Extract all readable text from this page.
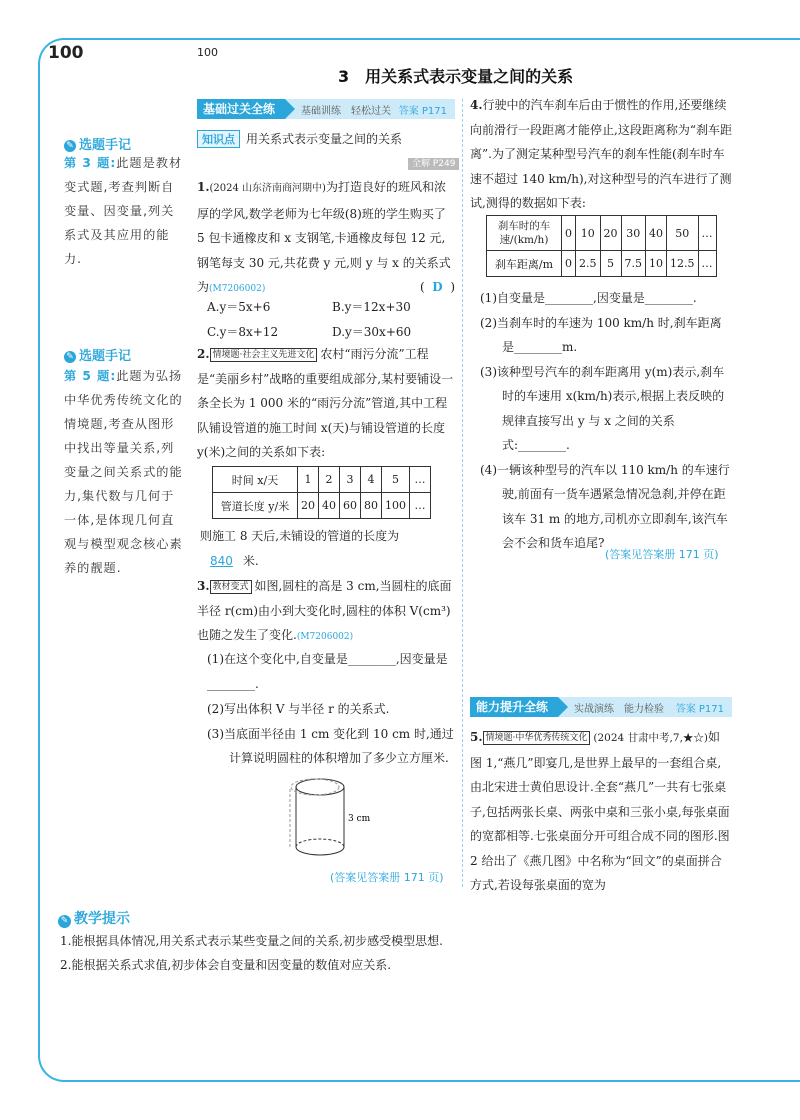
100	100
3　用关系式表示变量之间的关系
基础过关全练	基础训练　轻松过关 答案 P171
知识点 用关系式表示变量之间的关系
全解 P249
✎ 选题手记
第 3 题:此题是教材变式题,考查判断自变量、因变量,列关系式及其应用的能力.
✎ 选题手记
第 5 题:此题为弘扬中华优秀传统文化的情境题,考查从图形中找出等量关系,列变量之间关系式的能力,集代数与几何于一体,是体现几何直观与模型观念核心素养的靓题.
1.(2024 山东济南商河期中)为打造良好的班风和浓厚的学风,数学老师为七年级(8)班的学生购买了 5 包卡通橡皮和 x 支钢笔,卡通橡皮每包 12 元,钢笔每支 30 元,共花费 y 元,则 y 与 x 的关系式为(M7206002)	(  D  )
A.y＝5x+6	B.y＝12x+30
C.y＝8x+12	D.y＝30x+60
2. 情境题·社会主义先进文化 农村“雨污分流”工程是“美丽乡村”战略的重要组成部分,某村要铺设一条全长为 1 000 米的“雨污分流”管道,其中工程队铺设管道的施工时间 x(天)与铺设管道的长度 y(米)之间的关系如下表:
时间 x/天	1	2	3	4	5	…
管道长度 y/米	20	40	60	80	100	…
则施工 8 天后,未铺设的管道的长度为
840 米.
3. 教材变式 如图,圆柱的高是 3 cm,当圆柱的底面半径 r(cm)由小到大变化时,圆柱的体积 V(cm³)也随之发生了变化.(M7206002)
(1)在这个变化中,自变量是________,因变量是________.
(2)写出体积 V 与半径 r 的关系式.
(3)当底面半径由 1 cm 变化到 10 cm 时,通过计算说明圆柱的体积增加了多少立方厘米.
3 cm
(答案见答案册 171 页)
4.行驶中的汽车刹车后由于惯性的作用,还要继续向前滑行一段距离才能停止,这段距离称为“刹车距离”.为了测定某种型号汽车的刹车性能(刹车时车速不超过 140 km/h),对这种型号的汽车进行了测试,测得的数据如下表:
刹车时的车速/(km/h)	0	10	20	30	40	50	…
刹车距离/m	0	2.5	5	7.5	10	12.5	…
(1)自变量是________,因变量是________.
(2)当刹车时的车速为 100 km/h 时,刹车距离是________m.
(3)该种型号汽车的刹车距离用 y(m)表示,刹车时的车速用 x(km/h)表示,根据上表反映的规律直接写出 y 与 x 之间的关系式:________.
(4)一辆该种型号的汽车以 110 km/h 的车速行驶,前面有一货车遇紧急情况急刹,并停在距该车 31 m 的地方,司机亦立即刹车,该汽车会不会和货车追尾?
(答案见答案册 171 页)
能力提升全练	实战演练　能力检验 答案 P171
5. 情境题·中华优秀传统文化 (2024 甘肃中考,7,★☆)如图 1,“燕几”即宴几,是世界上最早的一套组合桌,由北宋进士黄伯思设计.全套“燕几”一共有七张桌子,包括两张长桌、两张中桌和三张小桌,每张桌面的宽都相等.七张桌面分开可组合成不同的图形.图 2 给出了《燕几图》中名称为“回文”的桌面拼合方式,若设每张桌面的宽为
✎ 教学提示
1.能根据具体情况,用关系式表示某些变量之间的关系,初步感受模型思想.
2.能根据关系式求值,初步体会自变量和因变量的数值对应关系.
